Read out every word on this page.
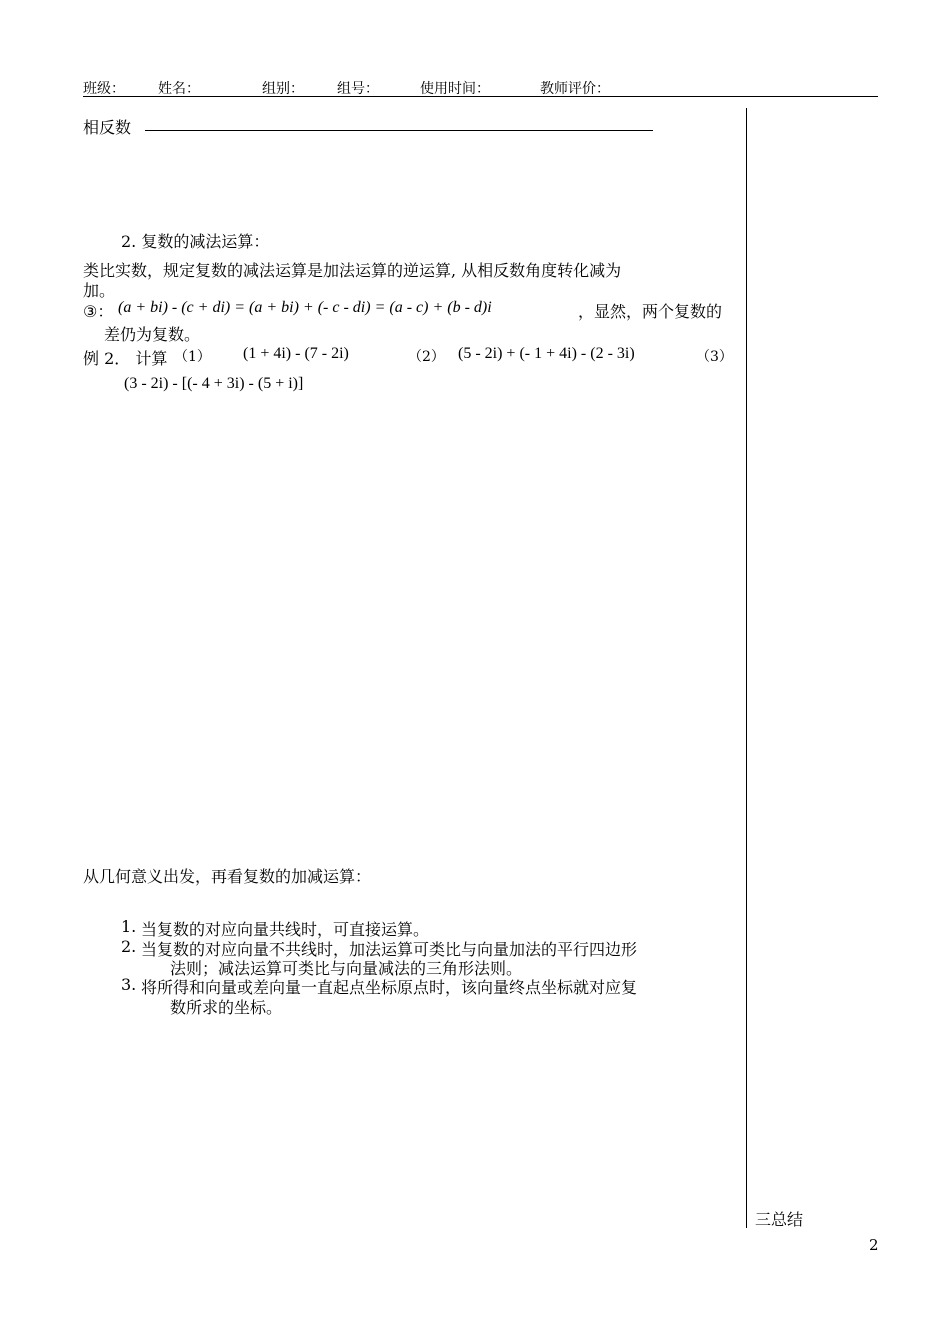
班级： 姓名：	组别： 组号：	使用时间：	教师评价：
相反数
2. 复数的减法运算：
类比实数，规定复数的减法运算是加法运算的逆运算, 从相反数角度转化减为
加。
③： (a + bi) - (c + di) = (a + bi) + (- c - di) = (a - c) + (b - d)i	，显然，两个复数的
差仍为复数。
例 2． 计算 （1） (1 + 4i) - (7 - 2i)	（2） (5 - 2i) + (- 1 + 4i) - (2 - 3i)	（3）
(3 - 2i) - [(- 4 + 3i) - (5 + i)]
从几何意义出发，再看复数的加减运算：
1. 当复数的对应向量共线时，可直接运算。
2. 当复数的对应向量不共线时，加法运算可类比与向量加法的平行四边形
法则；减法运算可类比与向量减法的三角形法则。
3. 将所得和向量或差向量一直起点坐标原点时，该向量终点坐标就对应复
数所求的坐标。
三总结
2
